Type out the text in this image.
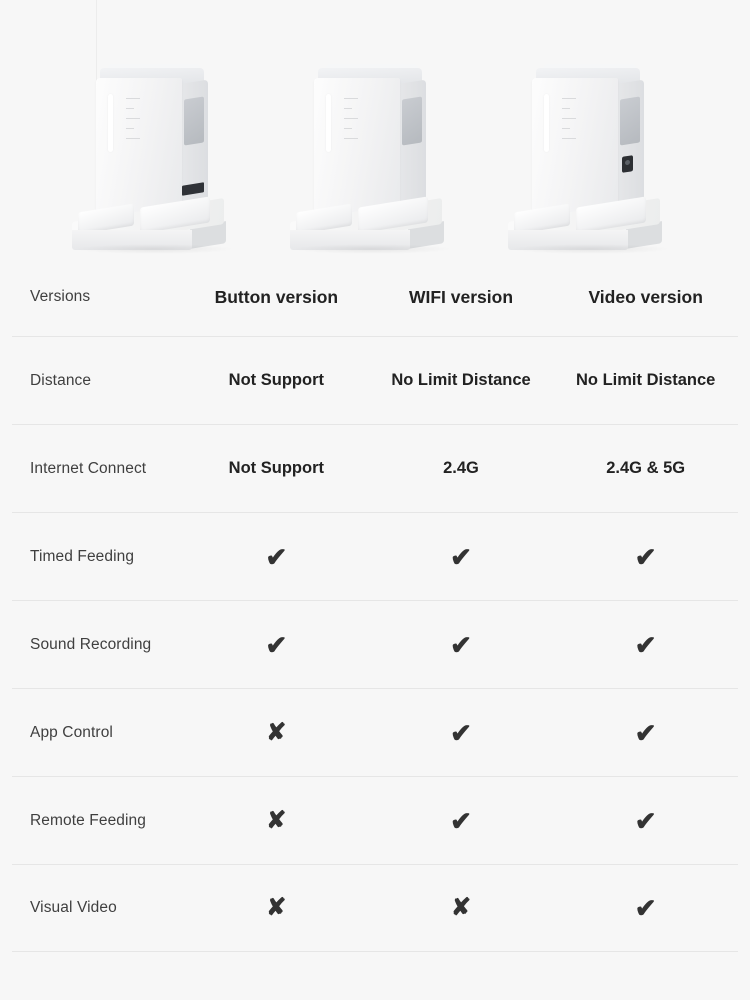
Versions	Button version	WIFI version	Video version
Distance	Not Support	No Limit Distance	No Limit Distance
Internet Connect	Not Support	2.4G	2.4G & 5G
Timed Feeding	✔	✔	✔
Sound Recording	✔	✔	✔
App Control	✘	✔	✔
Remote Feeding	✘	✔	✔
Visual Video	✘	✘	✔
